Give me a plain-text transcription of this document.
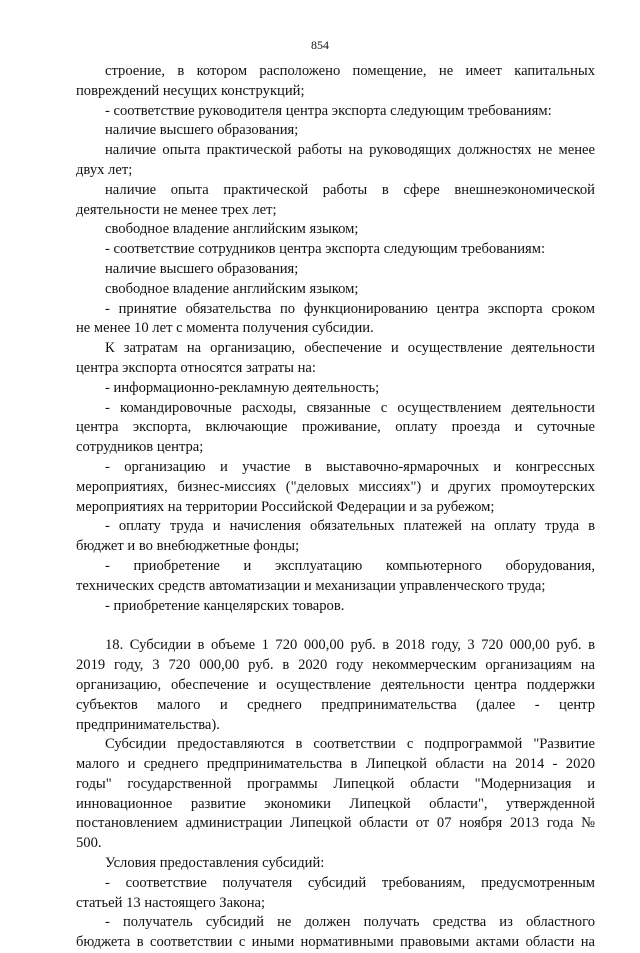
854
строение, в котором расположено помещение, не имеет капитальных
повреждений несущих конструкций;
- соответствие руководителя центра экспорта следующим требованиям:
наличие высшего образования;
наличие опыта практической работы на руководящих должностях не менее
двух лет;
наличие опыта практической работы в сфере внешнеэкономической
деятельности не менее трех лет;
свободное владение английским языком;
- соответствие сотрудников центра экспорта следующим требованиям:
наличие высшего образования;
свободное владение английским языком;
- принятие обязательства по функционированию центра экспорта сроком
не менее 10 лет с момента получения субсидии.
К затратам на организацию, обеспечение и осуществление деятельности
центра экспорта относятся затраты на:
- информационно-рекламную деятельность;
- командировочные расходы, связанные с осуществлением деятельности
центра экспорта, включающие проживание, оплату проезда и суточные
сотрудников центра;
- организацию и участие в выставочно-ярмарочных и конгрессных
мероприятиях, бизнес-миссиях ("деловых миссиях") и других промоутерских
мероприятиях на территории Российской Федерации и за рубежом;
- оплату труда и начисления обязательных платежей на оплату труда в
бюджет и во внебюджетные фонды;
- приобретение и эксплуатацию компьютерного оборудования,
технических средств автоматизации и механизации управленческого труда;
- приобретение канцелярских товаров.
18. Субсидии в объеме 1 720 000,00 руб. в 2018 году, 3 720 000,00 руб. в
2019 году, 3 720 000,00 руб. в 2020 году некоммерческим организациям на
организацию, обеспечение и осуществление деятельности центра поддержки
субъектов малого и среднего предпринимательства (далее - центр
предпринимательства).
Субсидии предоставляются в соответствии с подпрограммой "Развитие
малого и среднего предпринимательства в Липецкой области на 2014 - 2020
годы" государственной программы Липецкой области "Модернизация и
инновационное развитие экономики Липецкой области", утвержденной
постановлением администрации Липецкой области от 07 ноября 2013 года №
500.
Условия предоставления субсидий:
- соответствие получателя субсидий требованиям, предусмотренным
статьей 13 настоящего Закона;
- получатель субсидий не должен получать средства из областного
бюджета в соответствии с иными нормативными правовыми актами области на
